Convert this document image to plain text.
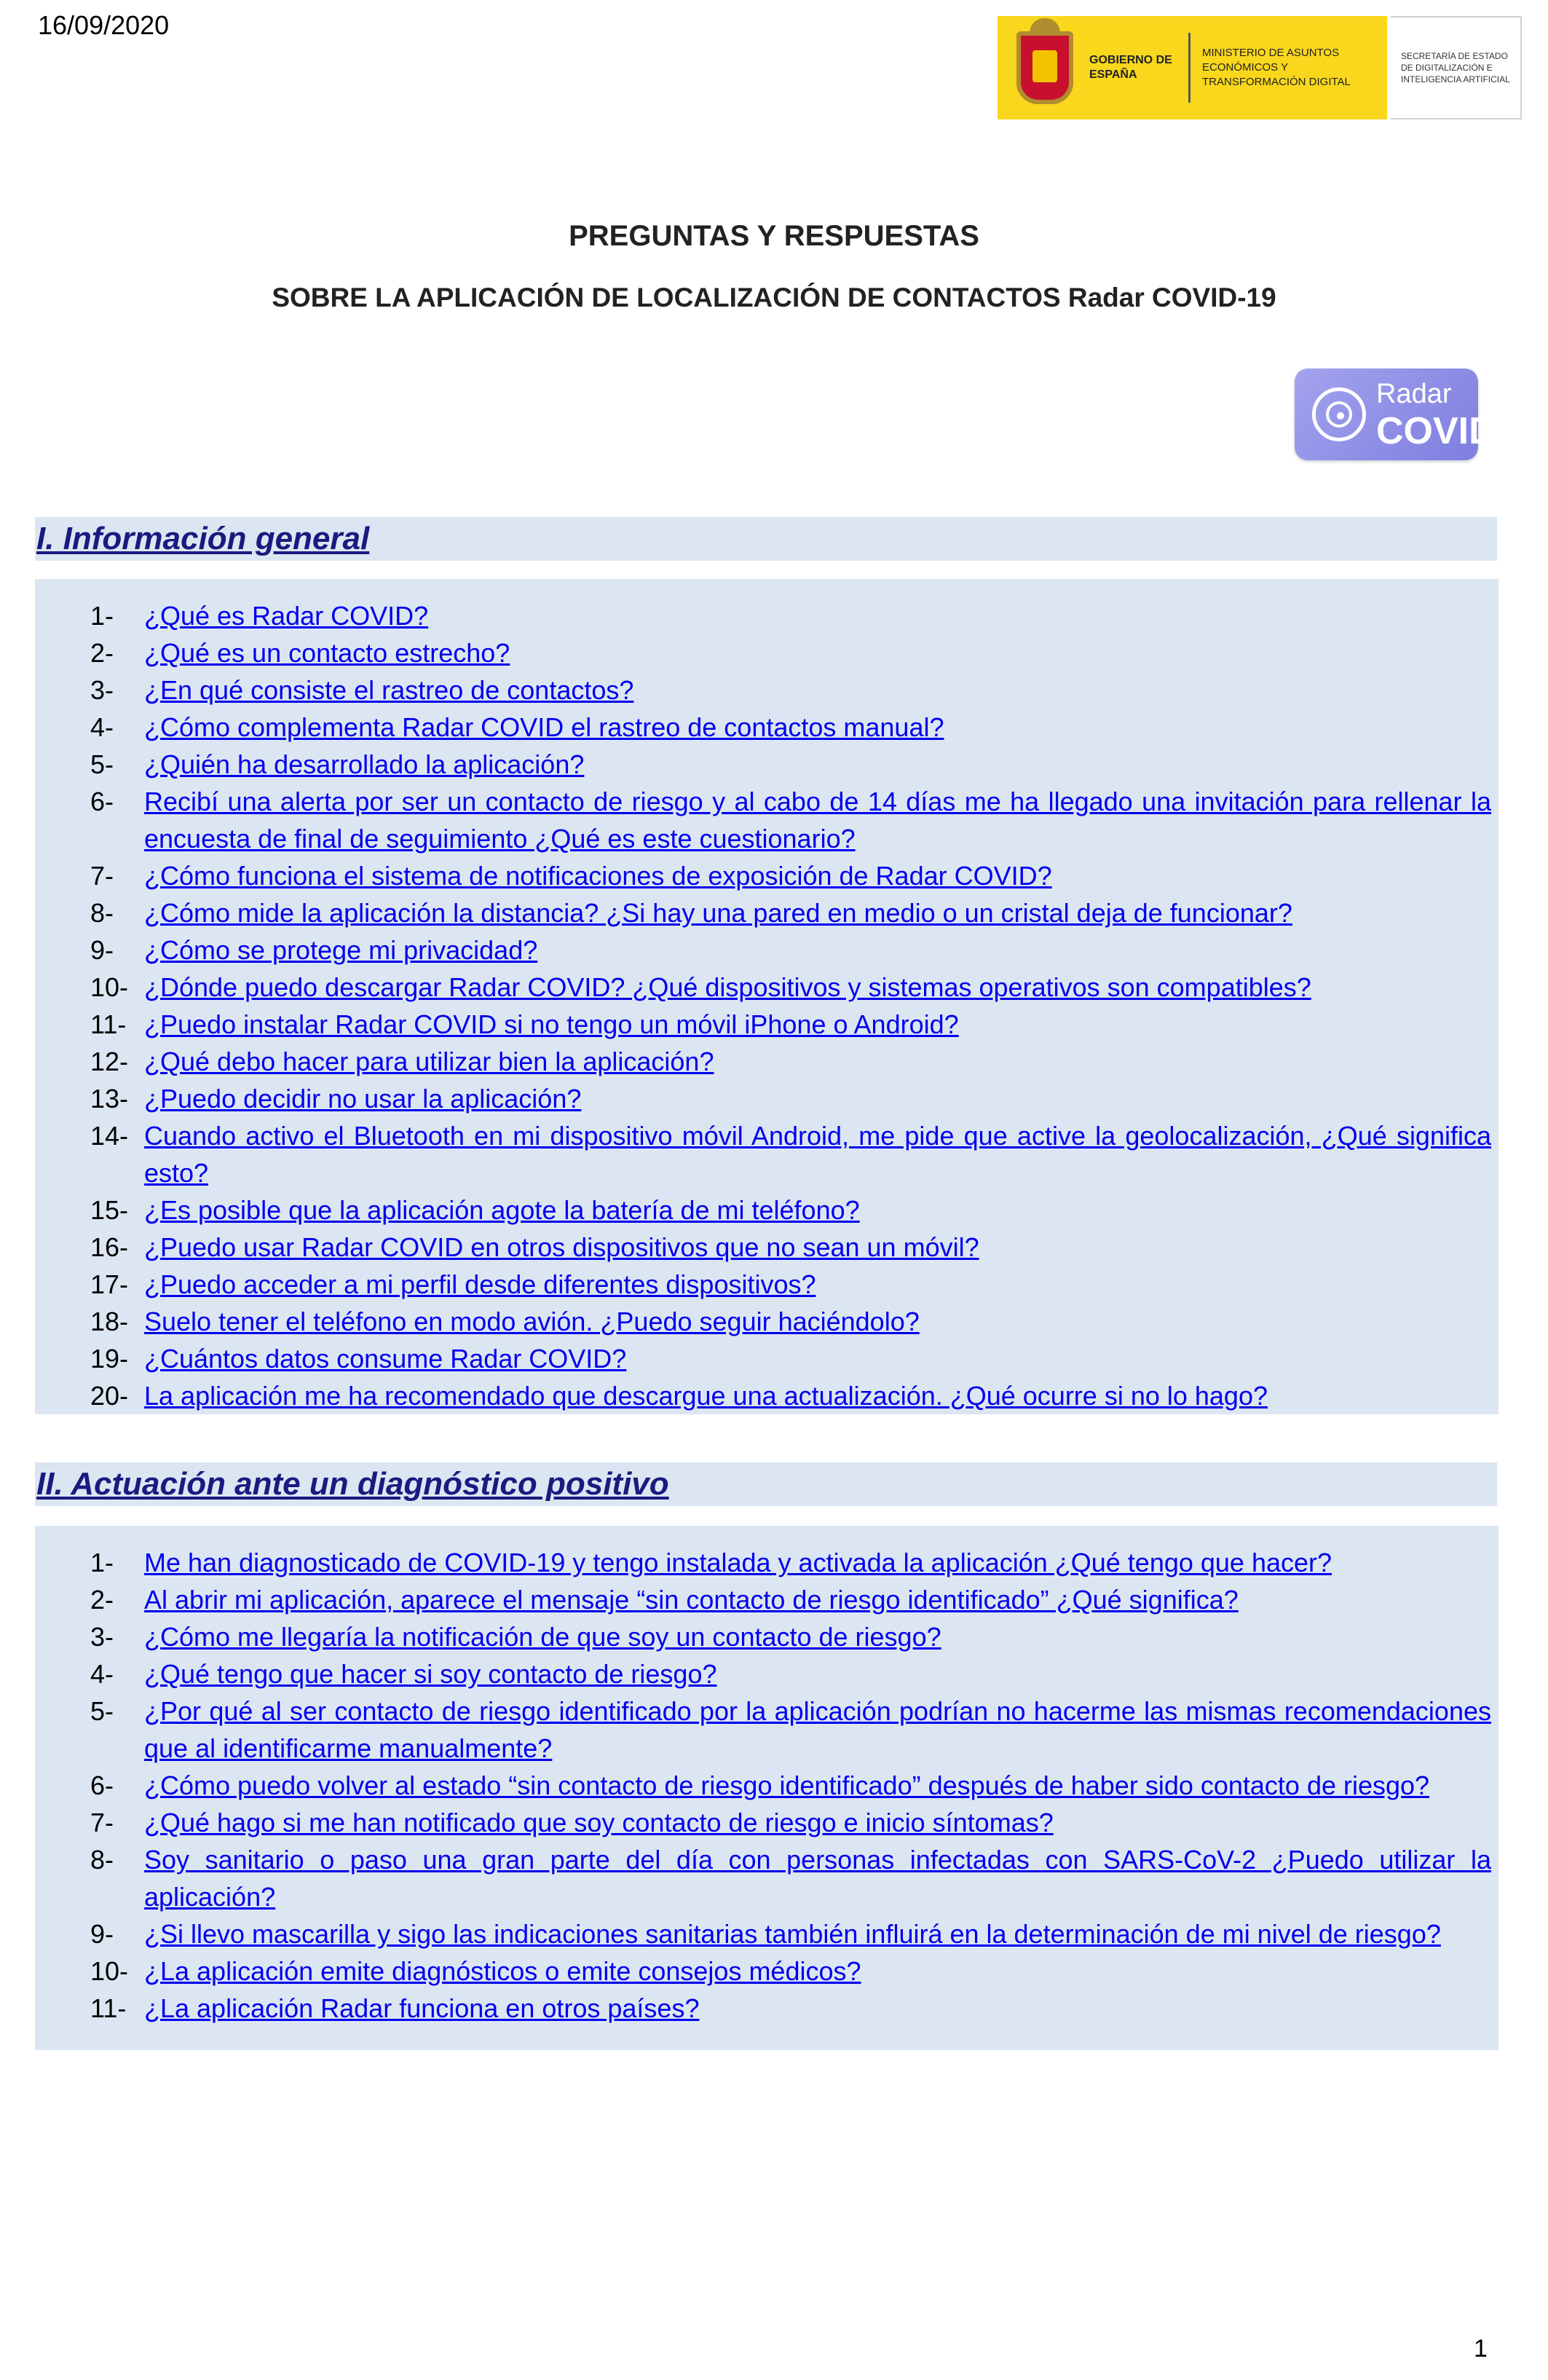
16/09/2020
GOBIERNO DE ESPAÑA
MINISTERIO DE ASUNTOS ECONÓMICOS Y TRANSFORMACIÓN DIGITAL
SECRETARÍA DE ESTADO DE DIGITALIZACIÓN E INTELIGENCIA ARTIFICIAL
PREGUNTAS Y RESPUESTAS
SOBRE LA APLICACIÓN DE LOCALIZACIÓN DE CONTACTOS Radar COVID-19
Radar
COVID
I. Información general
1- ¿Qué es Radar COVID?
2- ¿Qué es un contacto estrecho?
3- ¿En qué consiste el rastreo de contactos?
4- ¿Cómo complementa Radar COVID el rastreo de contactos manual?
5- ¿Quién ha desarrollado la aplicación?
6- Recibí una alerta por ser un contacto de riesgo y al cabo de 14 días me ha llegado una invitación para rellenar la encuesta de final de seguimiento ¿Qué es este cuestionario?
7- ¿Cómo funciona el sistema de notificaciones de exposición de Radar COVID?
8- ¿Cómo mide la aplicación la distancia? ¿Si hay una pared en medio o un cristal deja de funcionar?
9- ¿Cómo se protege mi privacidad?
10- ¿Dónde puedo descargar Radar COVID? ¿Qué dispositivos y sistemas operativos son compatibles?
11- ¿Puedo instalar Radar COVID si no tengo un móvil iPhone o Android?
12- ¿Qué debo hacer para utilizar bien la aplicación?
13- ¿Puedo decidir no usar la aplicación?
14- Cuando activo el Bluetooth en mi dispositivo móvil Android, me pide que active la geolocalización, ¿Qué significa esto?
15- ¿Es posible que la aplicación agote la batería de mi teléfono?
16- ¿Puedo usar Radar COVID en otros dispositivos que no sean un móvil?
17- ¿Puedo acceder a mi perfil desde diferentes dispositivos?
18- Suelo tener el teléfono en modo avión. ¿Puedo seguir haciéndolo?
19- ¿Cuántos datos consume Radar COVID?
20- La aplicación me ha recomendado que descargue una actualización. ¿Qué ocurre si no lo hago?
II. Actuación ante un diagnóstico positivo
1- Me han diagnosticado de COVID-19 y tengo instalada y activada la aplicación ¿Qué tengo que hacer?
2- Al abrir mi aplicación, aparece el mensaje “sin contacto de riesgo identificado” ¿Qué significa?
3- ¿Cómo me llegaría la notificación de que soy un contacto de riesgo?
4- ¿Qué tengo que hacer si soy contacto de riesgo?
5- ¿Por qué al ser contacto de riesgo identificado por la aplicación podrían no hacerme las mismas recomendaciones que al identificarme manualmente?
6- ¿Cómo puedo volver al estado “sin contacto de riesgo identificado” después de haber sido contacto de riesgo?
7- ¿Qué hago si me han notificado que soy contacto de riesgo e inicio síntomas?
8- Soy sanitario o paso una gran parte del día con personas infectadas con SARS-CoV-2 ¿Puedo utilizar la aplicación?
9- ¿Si llevo mascarilla y sigo las indicaciones sanitarias también influirá en la determinación de mi nivel de riesgo?
10- ¿La aplicación emite diagnósticos o emite consejos médicos?
11- ¿La aplicación Radar funciona en otros países?
1
